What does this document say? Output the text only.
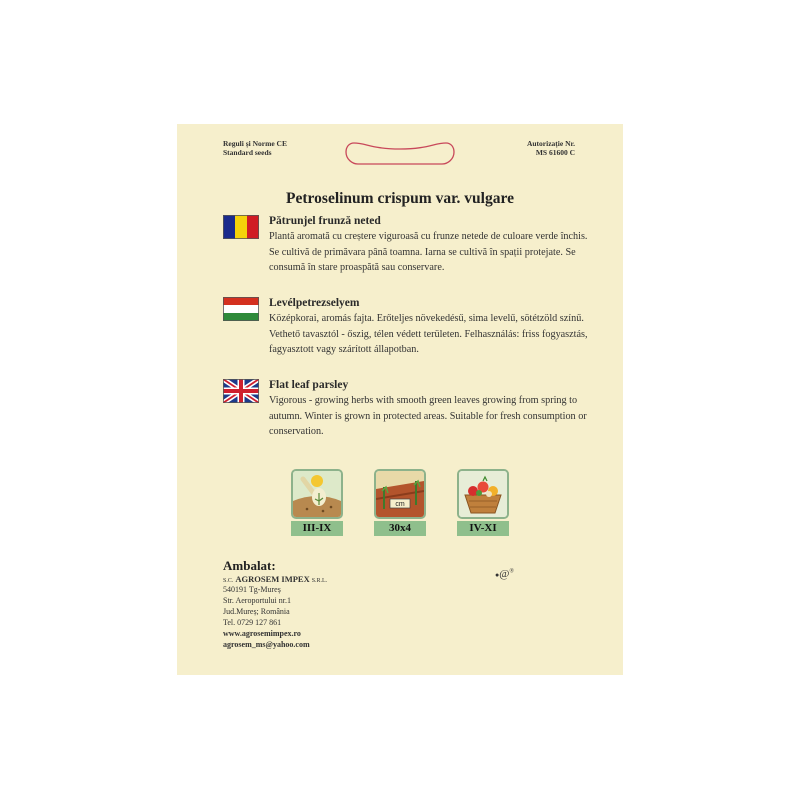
Reguli și Norme CE
Standard seeds
Autorizație Nr.
MS 61600 C
Petroselinum crispum var. vulgare
Pătrunjel frunză neted
Plantă aromată cu creștere viguroasă cu frunze netede de culoare verde închis. Se cultivă de primăvara până toamna. Iarna se cultivă în spații protejate. Se consumă în stare proaspătă sau conservare.
Levélpetrezselyem
Középkorai, aromás fajta. Erőteljes növekedésű, sima levelű, sötétzöld színű. Vethető tavasztól - őszig, télen védett területen. Felhasználás: friss fogyasztás, fagyasztott vagy szárított állapotban.
Flat leaf parsley
Vigorous - growing herbs with smooth green leaves growing from spring to autumn. Winter is grown in protected areas. Suitable for fresh consumption or conservation.
III-IX
cm
30x4	IV-XI
Ambalat:
S.C. AGROSEM IMPEX S.R.L.
540191 Tg-Mureș
Str. Aeroportului nr.1
Jud.Mureș; România
Tel. 0729 127 861
www.agrosemimpex.ro
agrosem_ms@yahoo.com
●@®
